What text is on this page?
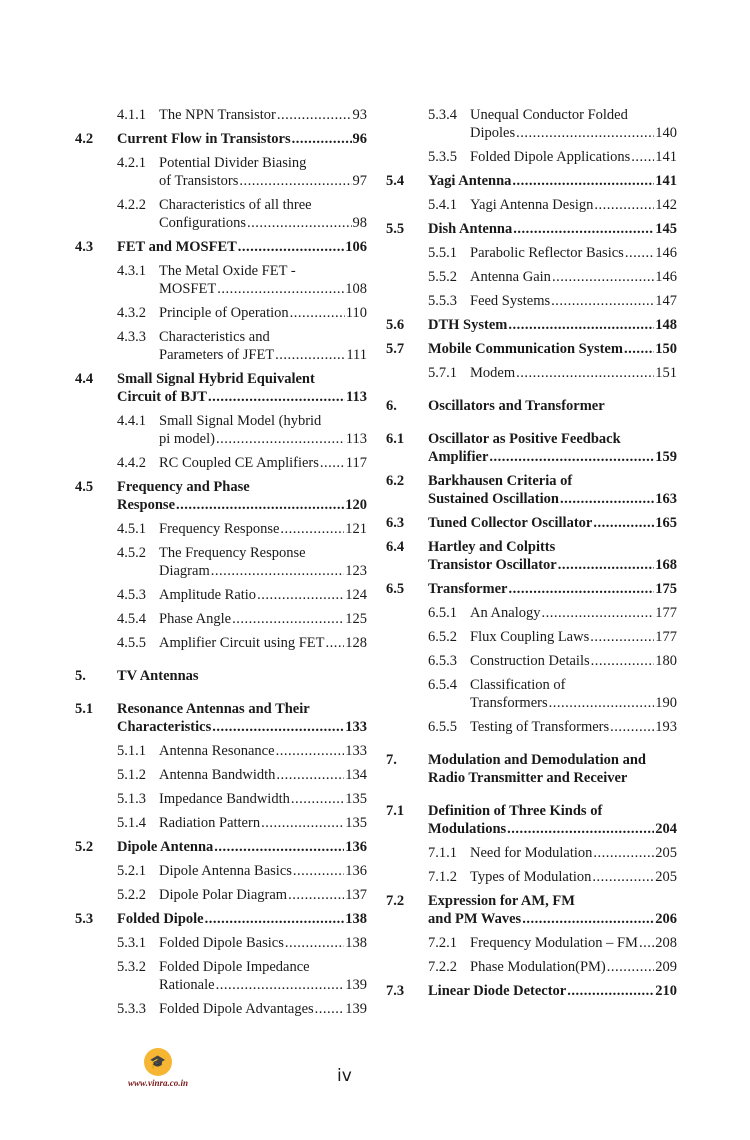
4.1.1 The NPN Transistor .....	93
4.2	Current Flow in Transistors .....	96
4.2.1 Potential Divider Biasing
of Transistors .....	97
4.2.2 Characteristics of all three
Configurations .....	98
4.3	FET and MOSFET .....	106
4.3.1 The Metal Oxide FET -
MOSFET .....	108
4.3.2 Principle of Operation .....	110
4.3.3 Characteristics and
Parameters of JFET .....	111
4.4	Small Signal Hybrid Equivalent
Circuit of BJT .....	113
4.4.1 Small Signal Model (hybrid
pi model) .....	113
4.4.2 RC Coupled CE Amplifiers ..... 117
4.5	Frequency and Phase
Response .....	120
4.5.1 Frequency Response .....	121
4.5.2 The Frequency Response
Diagram .....	123
4.5.3 Amplitude Ratio .....	124
4.5.4 Phase Angle .....	125
4.5.5 Amplifier Circuit using FET ..... 128
5.	TV Antennas
5.1	Resonance Antennas and Their
Characteristics .....	133
5.1.1 Antenna Resonance .....	133
5.1.2 Antenna Bandwidth .....	134
5.1.3 Impedance Bandwidth .....	135
5.1.4 Radiation Pattern .....	135
5.2	Dipole Antenna .....	136
5.2.1 Dipole Antenna Basics .....	136
5.2.2 Dipole Polar Diagram .....	137
5.3	Folded Dipole .....	138
5.3.1 Folded Dipole Basics .....	138
5.3.2 Folded Dipole Impedance
Rationale .....	139
5.3.3 Folded Dipole Advantages ..... 139
5.3.4 Unequal Conductor Folded
Dipoles .....	140
5.3.5 Folded Dipole Applications ..... 141
5.4	Yagi Antenna .....	141
5.4.1 Yagi Antenna Design .....	142
5.5	Dish Antenna .....	145
5.5.1 Parabolic Reflector Basics ..... 146
5.5.2 Antenna Gain .....	146
5.5.3 Feed Systems .....	147
5.6	DTH System .....	148
5.7	Mobile Communication System ..... 150
5.7.1 Modem .....	151
6.	Oscillators and Transformer
6.1	Oscillator as Positive Feedback
Amplifier .....	159
6.2	Barkhausen Criteria of
Sustained Oscillation .....	163
6.3	Tuned Collector Oscillator .....	165
6.4	Hartley and Colpitts
Transistor Oscillator .....	168
6.5	Transformer .....	175
6.5.1 An Analogy .....	177
6.5.2 Flux Coupling Laws .....	177
6.5.3 Construction Details .....	180
6.5.4 Classification of
Transformers .....	190
6.5.5 Testing of Transformers .....	193
7.	Modulation and Demodulation and Radio Transmitter and Receiver
7.1	Definition of Three Kinds of
Modulations .....	204
7.1.1 Need for Modulation .....	205
7.1.2 Types of Modulation .....	205
7.2	Expression for AM, FM
and PM Waves .....	206
7.2.1 Frequency Modulation – FM ..... 208
7.2.2 Phase Modulation(PM) .....	209
7.3	Linear Diode Detector .....	210
🎓
www.vinra.co.in	iv
